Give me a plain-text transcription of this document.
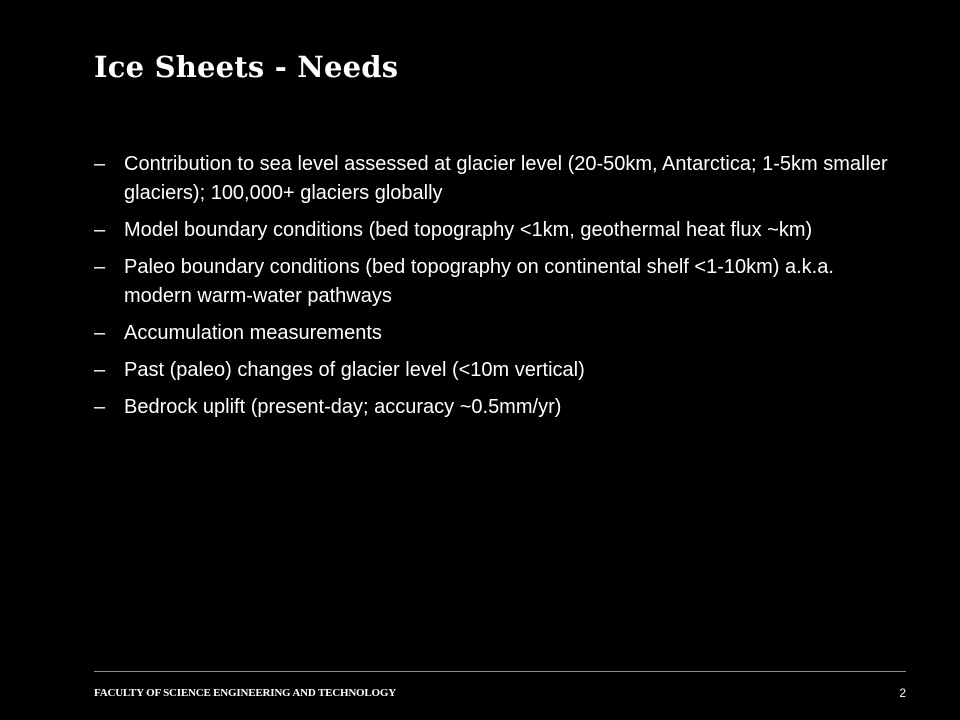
Ice Sheets - Needs
– Contribution to sea level assessed at glacier level (20-50km, Antarctica; 1-5km smaller glaciers); 100,000+ glaciers globally
– Model boundary conditions (bed topography <1km, geothermal heat flux ~km)
– Paleo boundary conditions (bed topography on continental shelf <1-10km) a.k.a. modern warm-water pathways
– Accumulation measurements
– Past (paleo) changes of glacier level (<10m vertical)
– Bedrock uplift (present-day; accuracy ~0.5mm/yr)
FACULTY OF SCIENCE ENGINEERING AND TECHNOLOGY	2
